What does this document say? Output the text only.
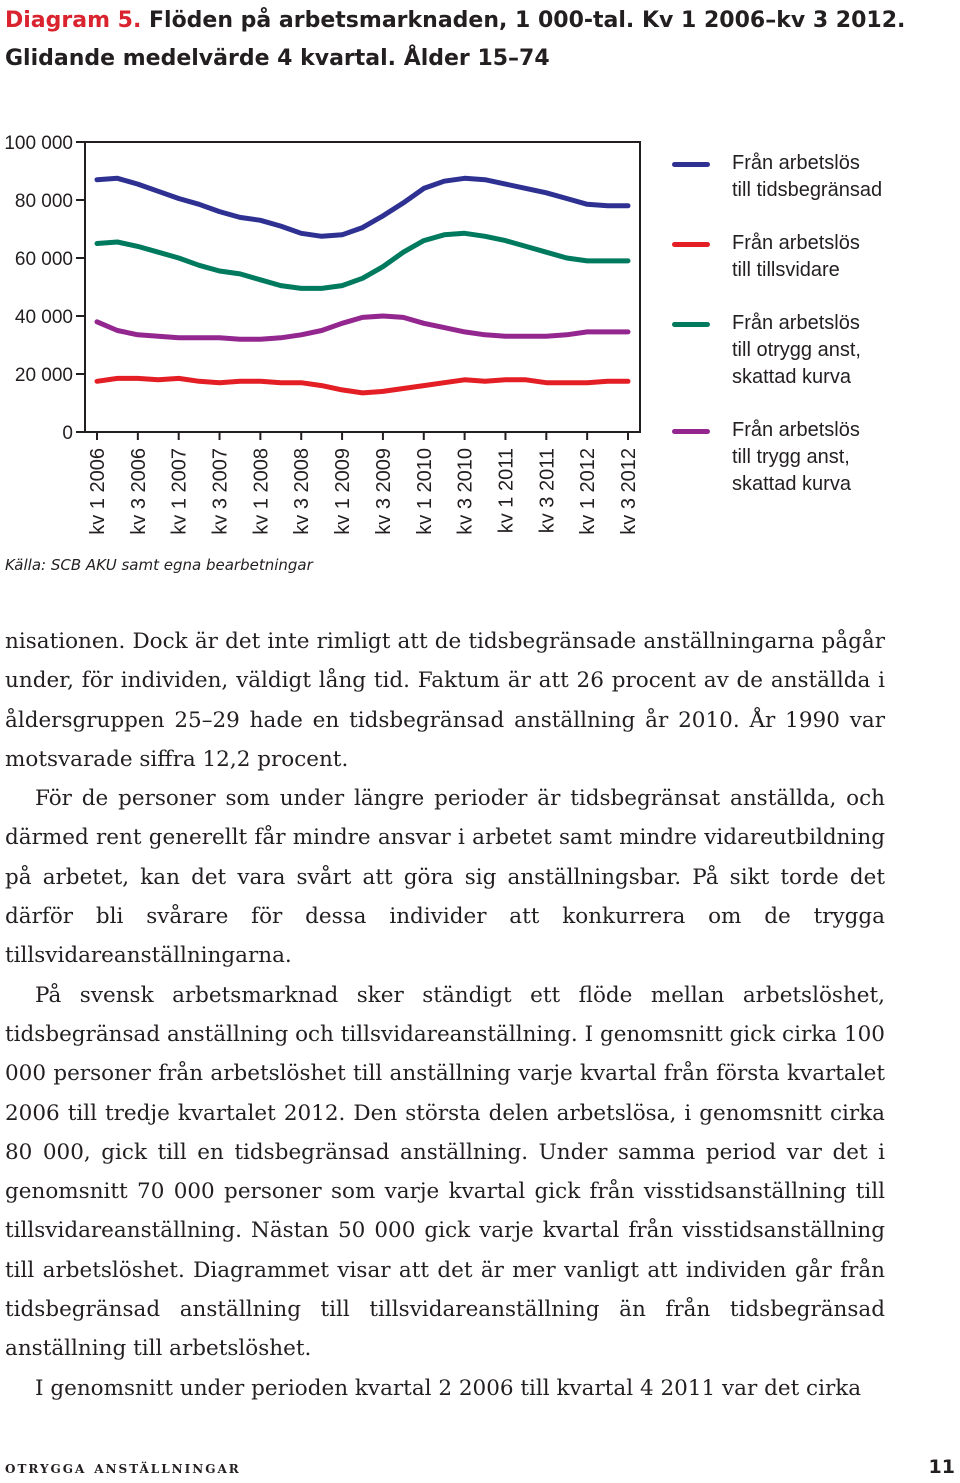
Diagram 5. Flöden på arbetsmarknaden, 1 000-tal. Kv 1 2006–kv 3 2012. Glidande medelvärde 4 kvartal. Ålder 15–74
0
20 000
40 000
60 000
80 000
100 000
kv 1 2006 kv 3 2006 kv 1 2007 kv 3 2007 kv 1 2008 kv 3 2008 kv 1 2009 kv 3 2009 kv 1 2010 kv 3 2010 kv 1 2011 kv 3 2011 kv 1 2012 kv 3 2012
Från arbetslös
till tidsbegränsad
Från arbetslös
till tillsvidare
Från arbetslös
till otrygg anst,
skattad kurva
Från arbetslös
till trygg anst,
skattad kurva
Källa: SCB AKU samt egna bearbetningar

nisationen. Dock är det inte rimligt att de tidsbegränsade anställningarna pågår under, för individen, väldigt lång tid. Faktum är att 26 procent av de anställda i åldersgruppen 25–29 hade en tidsbegränsad anställning år 2010. År 1990 var motsvarade siffra 12,2 procent.

För de personer som under längre perioder är tidsbegränsat anställda, och därmed rent generellt får mindre ansvar i arbetet samt mindre vidareutbildning på arbetet, kan det vara svårt att göra sig anställningsbar. På sikt torde det därför bli svårare för dessa individer att konkurrera om de trygga tillsvidareanställningarna.

På svensk arbetsmarknad sker ständigt ett flöde mellan arbetslöshet, tidsbegränsad anställning och tillsvidareanställning. I genomsnitt gick cirka 100 000 personer från arbetslöshet till anställning varje kvartal från första kvartalet 2006 till tredje kvartalet 2012. Den största delen arbetslösa, i genomsnitt cirka 80 000, gick till en tidsbegränsad anställning. Under samma period var det i genomsnitt 70 000 personer som varje kvartal gick från visstidsanställning till tillsvidareanställning. Nästan 50 000 gick varje kvartal från visstidsanställning till arbetslöshet. Diagrammet visar att det är mer vanligt att individen går från tidsbegränsad anställning till tillsvidareanställning än från tidsbegränsad anställning till arbetslöshet.

I genomsnitt under perioden kvartal 2 2006 till kvartal 4 2011 var det cirka

otrygga anställningar	11
